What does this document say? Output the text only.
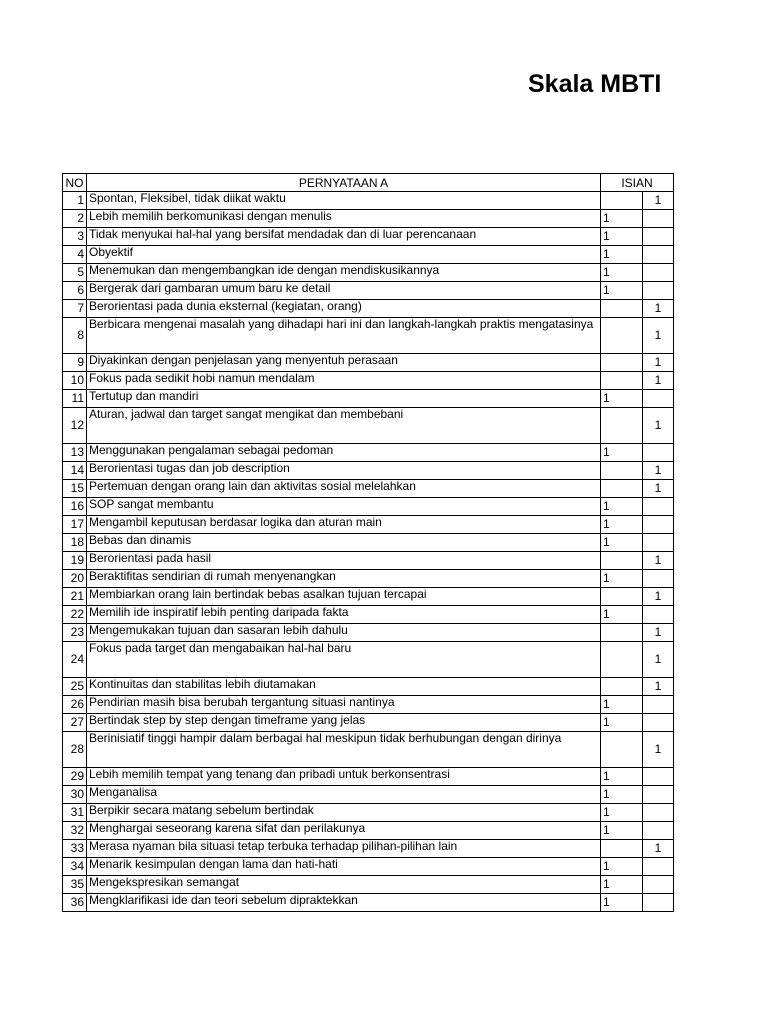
Skala MBTI
NO	PERNYATAAN A	ISIAN	
1	Spontan, Fleksibel, tidak diikat waktu		1
2	Lebih memilih berkomunikasi dengan menulis	1	
3	Tidak menyukai hal-hal yang bersifat mendadak dan di luar perencanaan	1	
4	Obyektif	1	
5	Menemukan dan mengembangkan ide dengan mendiskusikannya	1	
6	Bergerak dari gambaran umum baru ke detail	1	
7	Berorientasi pada dunia eksternal (kegiatan, orang)		1
8	Berbicara mengenai masalah yang dihadapi hari ini dan langkah-langkah praktis mengatasinya		1
9	Diyakinkan dengan penjelasan yang menyentuh perasaan		1
10	Fokus pada sedikit hobi namun mendalam		1
11	Tertutup dan mandiri	1	
12	Aturan, jadwal dan target sangat mengikat dan membebani		1
13	Menggunakan pengalaman sebagai pedoman	1	
14	Berorientasi tugas dan job description		1
15	Pertemuan dengan orang lain dan aktivitas sosial melelahkan		1
16	SOP sangat membantu	1	
17	Mengambil keputusan berdasar logika dan aturan main	1	
18	Bebas dan dinamis	1	
19	Berorientasi pada hasil		1
20	Beraktifitas sendirian di rumah menyenangkan	1	
21	Membiarkan orang lain bertindak bebas asalkan tujuan tercapai		1
22	Memilih ide inspiratif lebih penting daripada fakta	1	
23	Mengemukakan tujuan dan sasaran lebih dahulu		1
24	Fokus pada target dan mengabaikan hal-hal baru		1
25	Kontinuitas dan stabilitas lebih diutamakan		1
26	Pendirian masih bisa berubah tergantung situasi nantinya	1	
27	Bertindak step by step dengan timeframe yang jelas	1	
28	Berinisiatif tinggi hampir dalam berbagai hal meskipun tidak berhubungan dengan dirinya		1
29	Lebih memilih tempat yang tenang dan pribadi untuk berkonsentrasi	1	
30	Menganalisa	1	
31	Berpikir secara matang sebelum bertindak	1	
32	Menghargai seseorang karena sifat dan perilakunya	1	
33	Merasa nyaman bila situasi tetap terbuka terhadap pilihan-pilihan lain		1
34	Menarik kesimpulan dengan lama dan hati-hati	1	
35	Mengekspresikan semangat	1	
36	Mengklarifikasi ide dan teori sebelum dipraktekkan	1	
